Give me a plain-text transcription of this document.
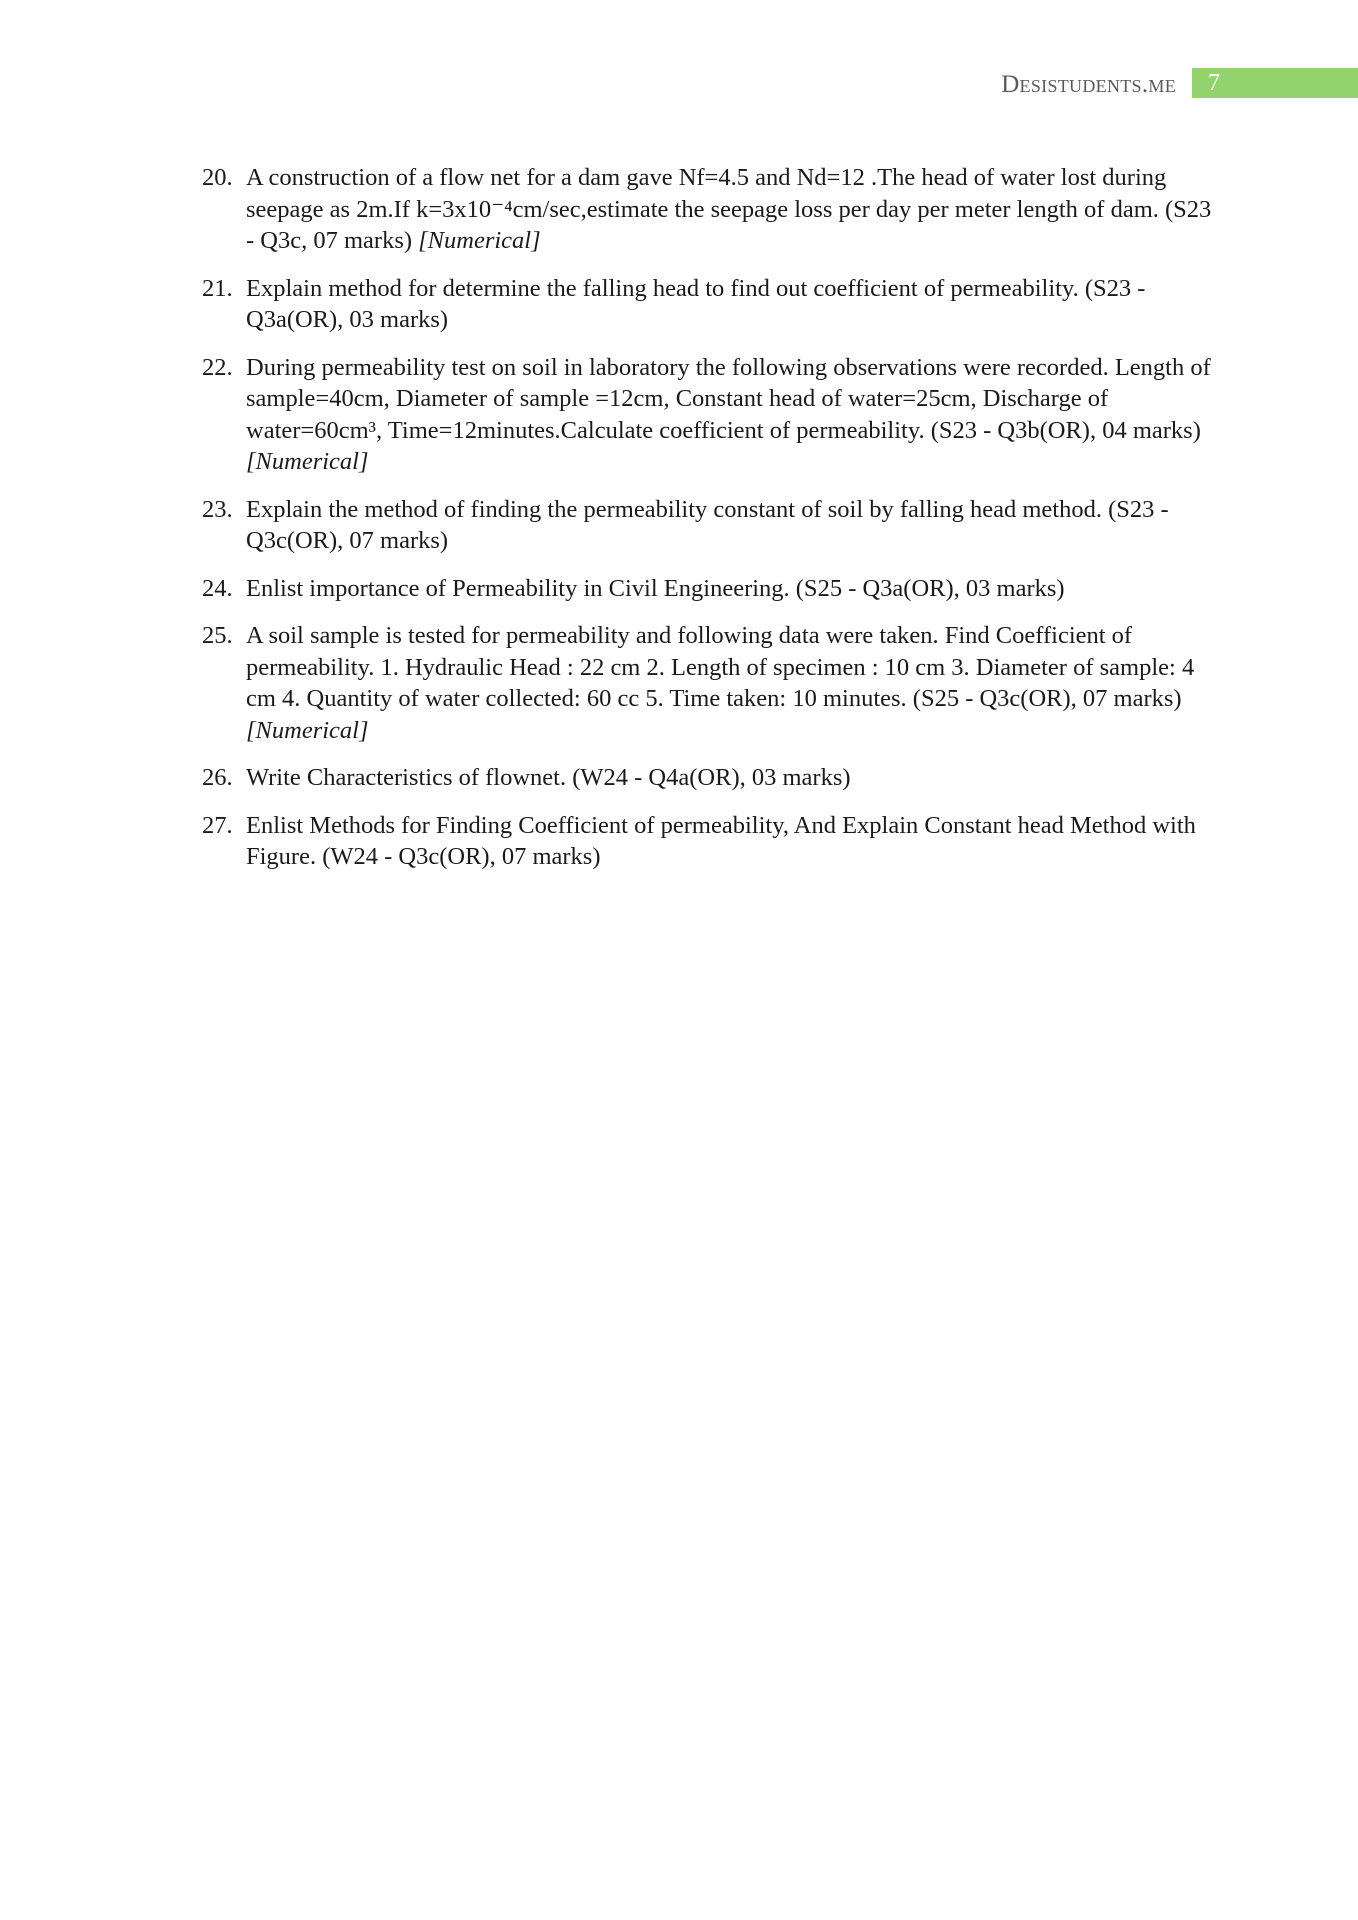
Desistudents.me	7
20. A construction of a flow net for a dam gave Nf=4.5 and Nd=12 .The head of water lost during seepage as 2m.If k=3x10⁻⁴cm/sec,estimate the seepage loss per day per meter length of dam. (S23 - Q3c, 07 marks) [Numerical]
21. Explain method for determine the falling head to find out coefficient of permeability. (S23 - Q3a(OR), 03 marks)
22. During permeability test on soil in laboratory the following observations were recorded. Length of sample=40cm, Diameter of sample =12cm, Constant head of water=25cm, Discharge of water=60cm³, Time=12minutes.Calculate coefficient of permeability. (S23 - Q3b(OR), 04 marks) [Numerical]
23. Explain the method of finding the permeability constant of soil by falling head method. (S23 - Q3c(OR), 07 marks)
24. Enlist importance of Permeability in Civil Engineering. (S25 - Q3a(OR), 03 marks)
25. A soil sample is tested for permeability and following data were taken. Find Coefficient of permeability. 1. Hydraulic Head : 22 cm 2. Length of specimen : 10 cm 3. Diameter of sample: 4 cm 4. Quantity of water collected: 60 cc 5. Time taken: 10 minutes. (S25 - Q3c(OR), 07 marks) [Numerical]
26. Write Characteristics of flownet. (W24 - Q4a(OR), 03 marks)
27. Enlist Methods for Finding Coefficient of permeability, And Explain Constant head Method with Figure. (W24 - Q3c(OR), 07 marks)
